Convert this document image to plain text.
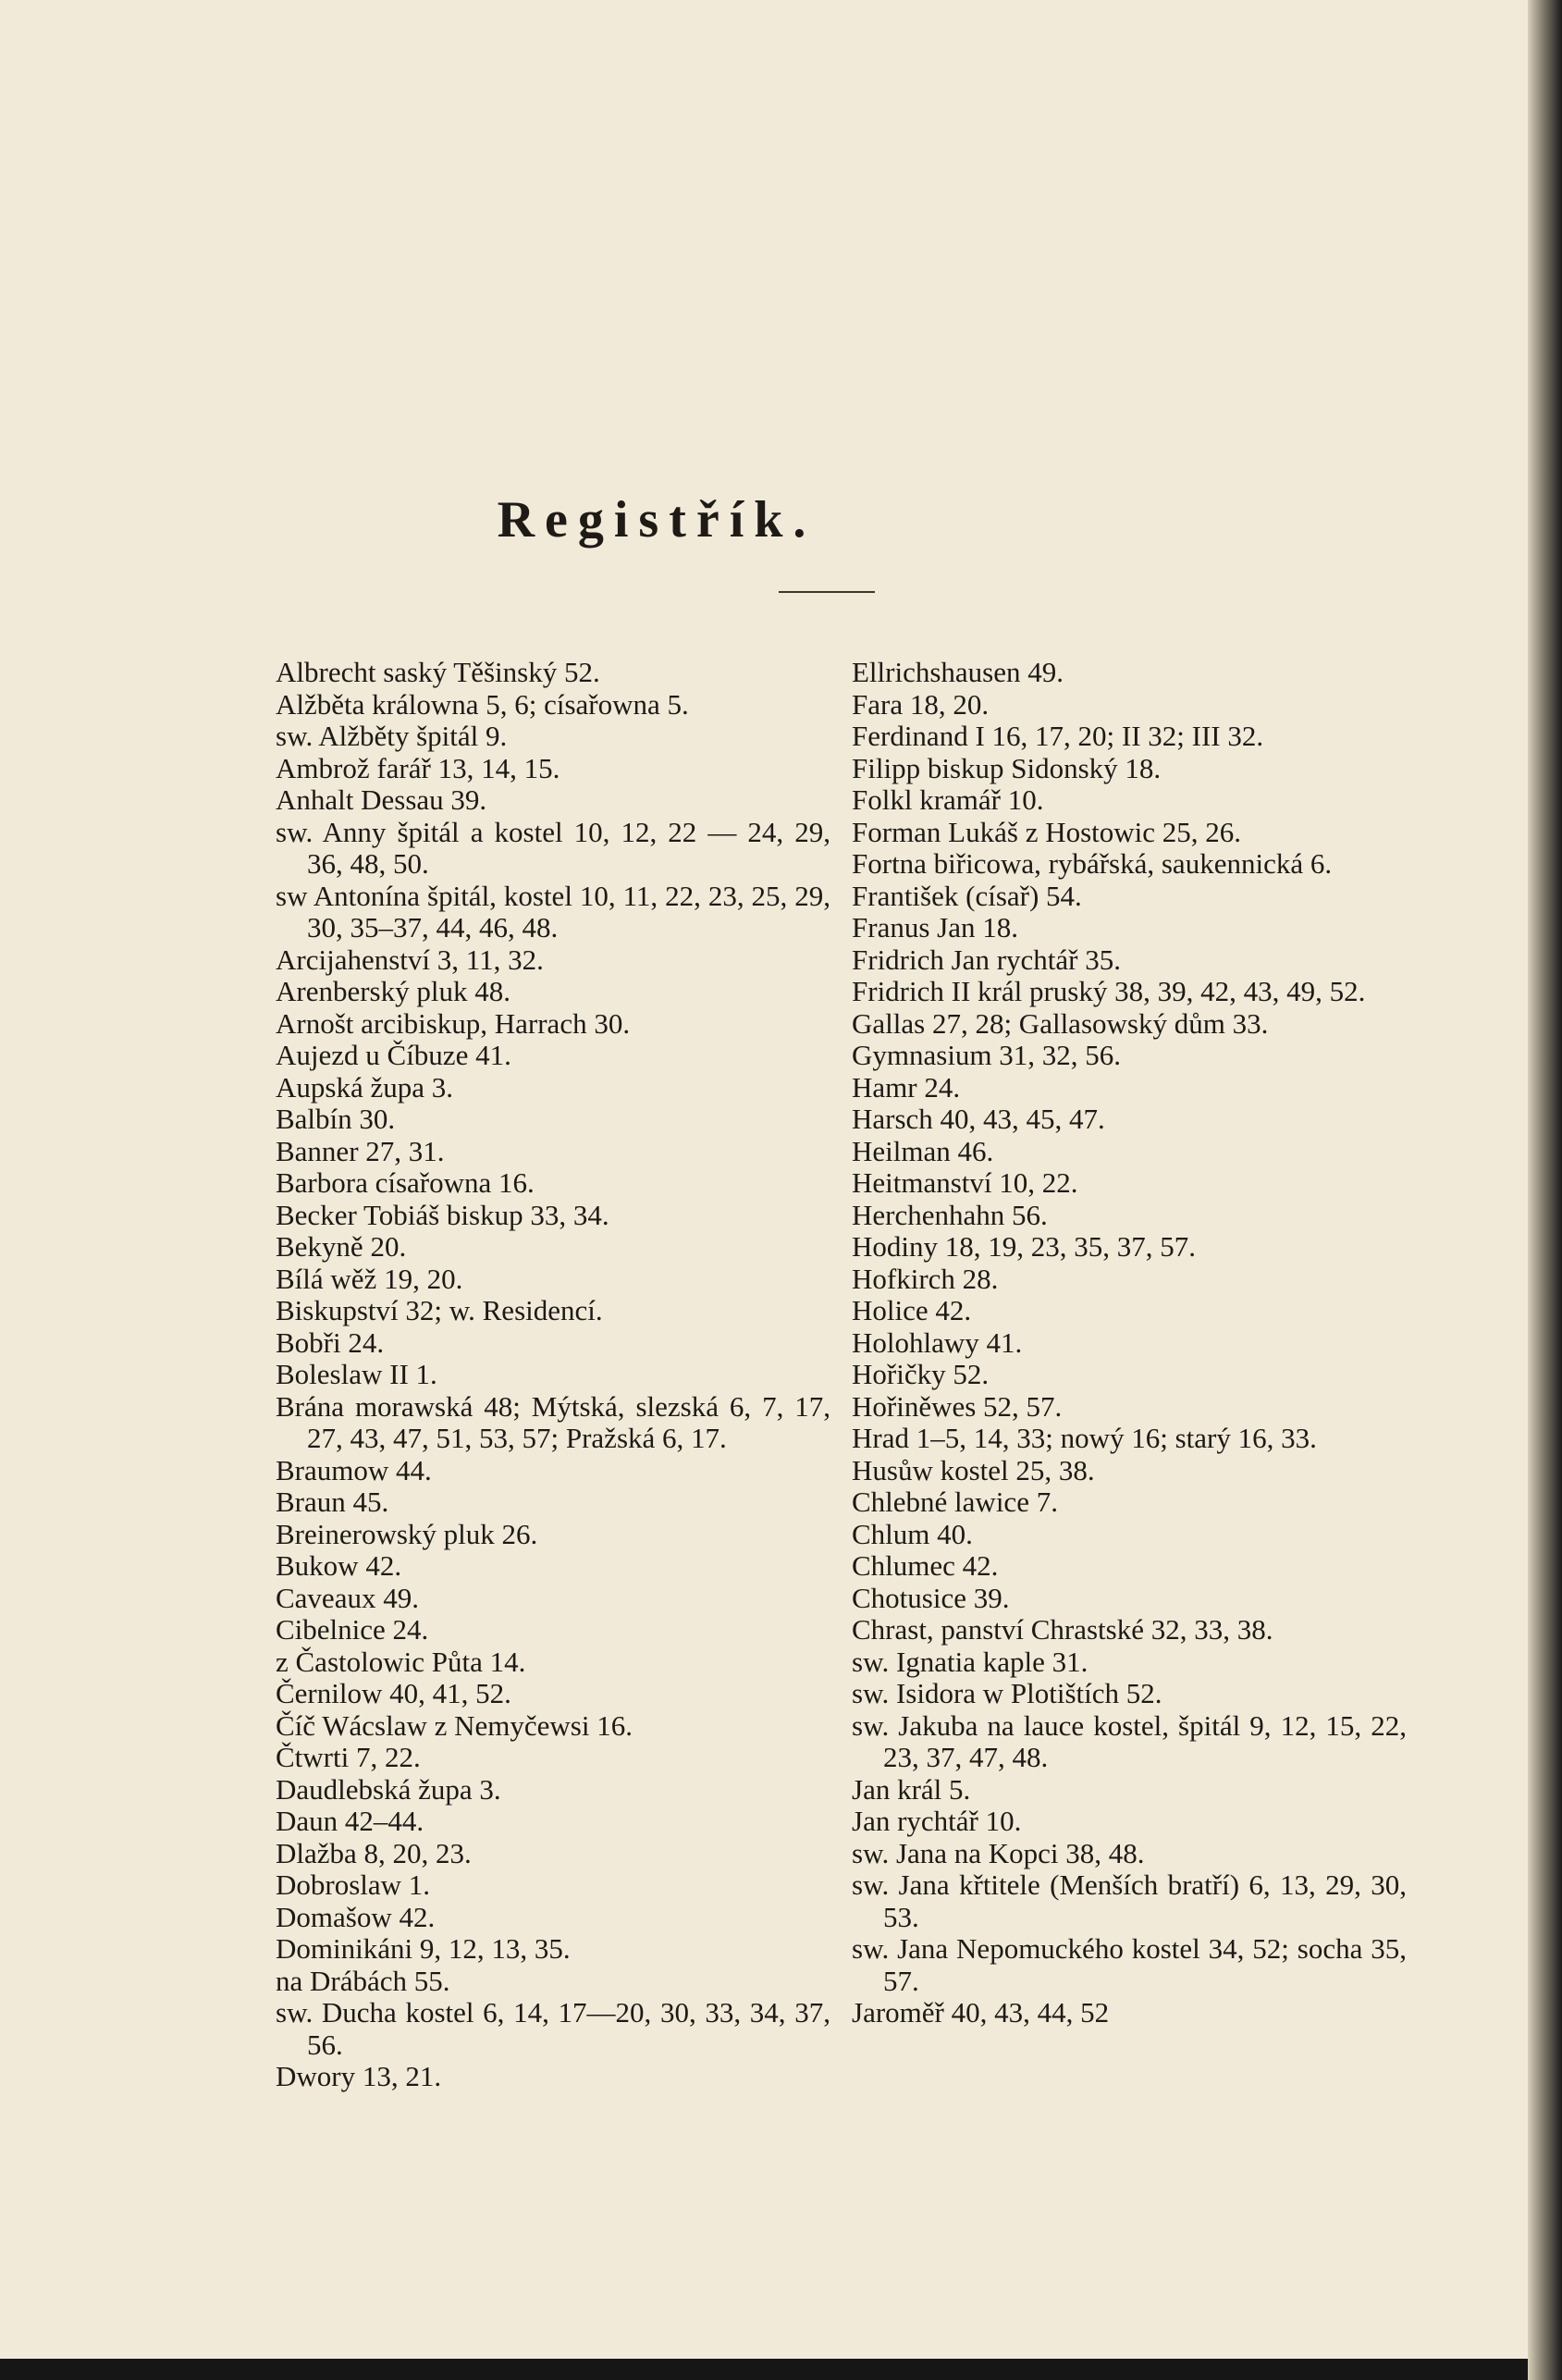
Registřík.
Albrecht saský Těšinský 52.
Alžběta králowna 5, 6; císařowna 5.
sw. Alžběty špitál 9.
Ambrož farář 13, 14, 15.
Anhalt Dessau 39.
sw. Anny špitál a kostel 10, 12, 22 — 24, 29, 36, 48, 50.
sw Antonína špitál, kostel 10, 11, 22, 23, 25, 29, 30, 35–37, 44, 46, 48.
Arcijahenství 3, 11, 32.
Arenberský pluk 48.
Arnošt arcibiskup, Harrach 30.
Aujezd u Číbuze 41.
Aupská župa 3.
Balbín 30.
Banner 27, 31.
Barbora císařowna 16.
Becker Tobiáš biskup 33, 34.
Bekyně 20.
Bílá wěž 19, 20.
Biskupství 32; w. Residencí.
Bobři 24.
Boleslaw II 1.
Brána morawská 48; Mýtská, slezská 6, 7, 17, 27, 43, 47, 51, 53, 57; Pražská 6, 17.
Braumow 44.
Braun 45.
Breinerowský pluk 26.
Bukow 42.
Caveaux 49.
Cibelnice 24.
z Častolowic Půta 14.
Černilow 40, 41, 52.
Číč Wácslaw z Nemyčewsi 16.
Čtwrti 7, 22.
Daudlebská župa 3.
Daun 42–44.
Dlažba 8, 20, 23.
Dobroslaw 1.
Domašow 42.
Dominikáni 9, 12, 13, 35.
na Drábách 55.
sw. Ducha kostel 6, 14, 17—20, 30, 33, 34, 37, 56.
Dwory 13, 21.
Ellrichshausen 49.
Fara 18, 20.
Ferdinand I 16, 17, 20; II 32; III 32.
Filipp biskup Sidonský 18.
Folkl kramář 10.
Forman Lukáš z Hostowic 25, 26.
Fortna biřicowa, rybářská, saukennická 6.
František (císař) 54.
Franus Jan 18.
Fridrich Jan rychtář 35.
Fridrich II král pruský 38, 39, 42, 43, 49, 52.
Gallas 27, 28; Gallasowský dům 33.
Gymnasium 31, 32, 56.
Hamr 24.
Harsch 40, 43, 45, 47.
Heilman 46.
Heitmanství 10, 22.
Herchenhahn 56.
Hodiny 18, 19, 23, 35, 37, 57.
Hofkirch 28.
Holice 42.
Holohlawy 41.
Hořičky 52.
Hořiněwes 52, 57.
Hrad 1–5, 14, 33; nowý 16; starý 16, 33.
Husůw kostel 25, 38.
Chlebné lawice 7.
Chlum 40.
Chlumec 42.
Chotusice 39.
Chrast, panství Chrastské 32, 33, 38.
sw. Ignatia kaple 31.
sw. Isidora w Plotištích 52.
sw. Jakuba na lauce kostel, špitál 9, 12, 15, 22, 23, 37, 47, 48.
Jan král 5.
Jan rychtář 10.
sw. Jana na Kopci 38, 48.
sw. Jana křtitele (Menších bratří) 6, 13, 29, 30, 53.
sw. Jana Nepomuckého kostel 34, 52; socha 35, 57.
Jaroměř 40, 43, 44, 52
